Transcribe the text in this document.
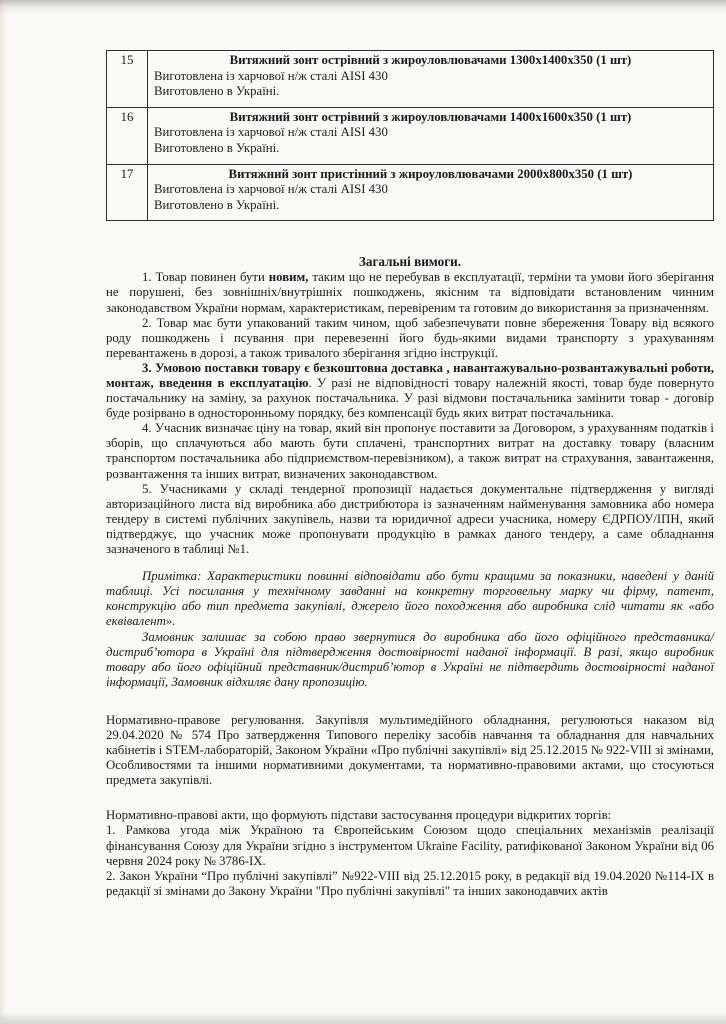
15	Витяжний зонт острівний з жироуловлювачами 1300x1400x350 (1 шт)
Виготовлена із харчової н/ж сталі AISI 430
Виготовлено в Україні.

16	Витяжний зонт острівний з жироуловлювачами 1400x1600x350 (1 шт)
Виготовлена із харчової н/ж сталі AISI 430
Виготовлено в Україні.

17	Витяжний зонт пристінний з жироуловлювачами 2000x800x350 (1 шт)
Виготовлена із харчової н/ж сталі AISI 430
Виготовлено в Україні.
Загальні вимоги.

1. Товар повинен бути новим, таким що не перебував в експлуатації, терміни та умови його зберігання не порушені, без зовнішніх/внутрішніх пошкоджень, якісним та відповідати встановленим чинним законодавством України нормам, характеристикам, перевіреним та готовим до використання за призначенням.

2. Товар має бути упакований таким чином, щоб забезпечувати повне збереження Товару від всякого роду пошкоджень і псування при перевезенні його будь-якими видами транспорту з урахуванням перевантажень в дорозі, а також тривалого зберігання згідно інструкції.

3. Умовою поставки товару є безкоштовна доставка , навантажувально-розвантажувальні роботи, монтаж, введення в експлуатацію. У разі не відповідності товару належній якості, товар буде повернуто постачальнику на заміну, за рахунок постачальника. У разі відмови постачальника замінити товар - договір буде розірвано в односторонньому порядку, без компенсації будь яких витрат постачальника.

4. Учасник визначає ціну на товар, який він пропонує поставити за Договором, з урахуванням податків і зборів, що сплачуються або мають бути сплачені, транспортних витрат на доставку товару (власним транспортом постачальника або підприємством-перевізником), а також витрат на страхування, завантаження, розвантаження та інших витрат, визначених законодавством.

5. Учасниками у складі тендерної пропозиції надається документальне підтвердження у вигляді авторизаційного листа від виробника або дистрибютора із зазначенням найменування замовника або номера тендеру в системі публічних закупівель, назви та юридичної адреси учасника, номеру ЄДРПОУ/ІПН, який підтверджує, що учасник може пропонувати продукцію в рамках даного тендеру, а саме обладнання зазначеного в таблиці №1.

Примітка: Характеристики повинні відповідати або бути кращими за показники, наведені у даній таблиці. Усі посилання у технічному завданні на конкретну торговельну марку чи фірму, патент, конструкцію або тип предмета закупівлі, джерело його походження або виробника слід читати як «або еквівалент».

Замовник залишає за собою право звернутися до виробника або його офіційного представника/дистриб’ютора в Україні для підтвердження достовірності наданої інформації. В разі, якщо виробник товару або його офіційний представник/дистриб’ютор в Україні не підтвердить достовірності наданої інформації, Замовник відхиляє дану пропозицію.

Нормативно-правове регулювання. Закупівля мультимедійного обладнання, регулюються наказом від 29.04.2020 № 574 Про затвердження Типового переліку засобів навчання та обладнання для навчальних кабінетів і STEM-лабораторій, Законом України «Про публічні закупівлі» від 25.12.2015 № 922-VIII зі змінами, Особливостями та іншими нормативними документами, та нормативно-правовими актами, що стосуються предмета закупівлі.

Нормативно-правові акти, що формують підстави застосування процедури відкритих торгів:

1. Рамкова угода між Україною та Європейським Союзом щодо спеціальних механізмів реалізації фінансування Союзу для України згідно з інструментом Ukraine Facility, ратифікованої Законом України від 06 червня 2024 року № 3786-IX.

2. Закон України “Про публічні закупівлі” №922-VIII від 25.12.2015 року, в редакції від 19.04.2020 №114-IX в редакції зі змінами до Закону України "Про публічні закупівлі" та інших законодавчих актів
